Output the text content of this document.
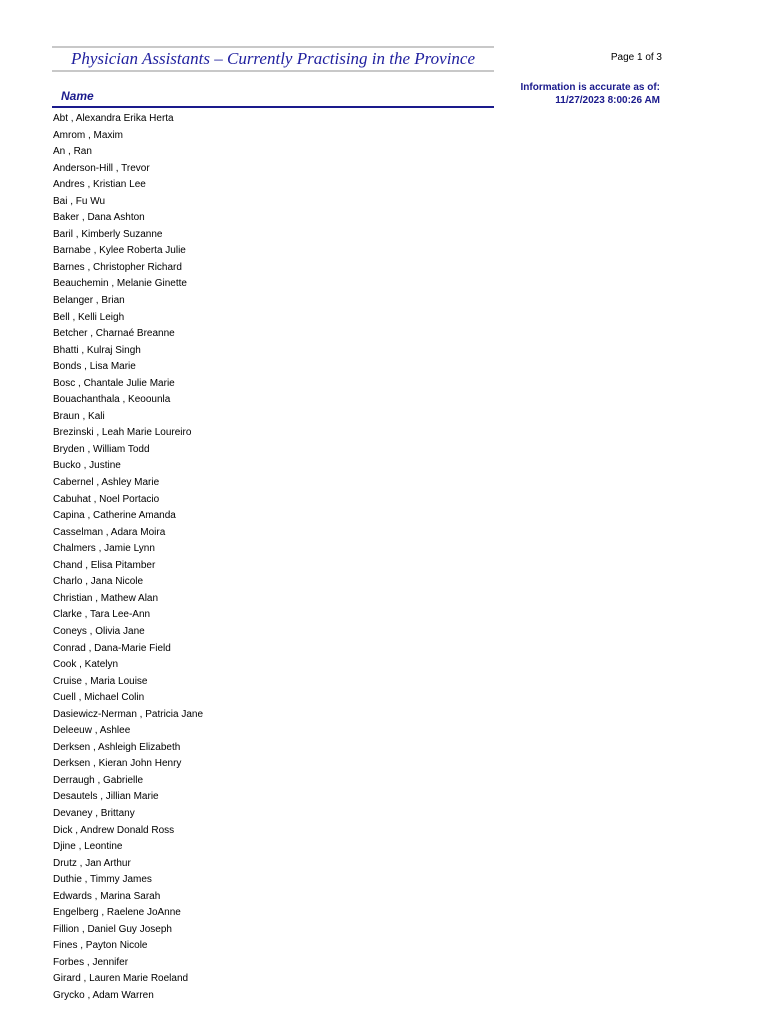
Physician Assistants – Currently Practising in the Province	Page 1 of 3
Information is accurate as of:
11/27/2023 8:00:26 AM
Name
Abt , Alexandra Erika Herta
Amrom , Maxim
An , Ran
Anderson-Hill , Trevor
Andres , Kristian Lee
Bai , Fu Wu
Baker , Dana Ashton
Baril , Kimberly Suzanne
Barnabe , Kylee Roberta Julie
Barnes , Christopher Richard
Beauchemin , Melanie Ginette
Belanger , Brian
Bell , Kelli Leigh
Betcher , Charnaé Breanne
Bhatti , Kulraj Singh
Bonds , Lisa Marie
Bosc , Chantale Julie Marie
Bouachanthala , Keoounla
Braun , Kali
Brezinski , Leah Marie Loureiro
Bryden , William Todd
Bucko , Justine
Cabernel , Ashley Marie
Cabuhat , Noel Portacio
Capina , Catherine Amanda
Casselman , Adara Moira
Chalmers , Jamie Lynn
Chand , Elisa Pitamber
Charlo , Jana Nicole
Christian , Mathew Alan
Clarke , Tara Lee-Ann
Coneys , Olivia Jane
Conrad , Dana-Marie Field
Cook , Katelyn
Cruise , Maria Louise
Cuell , Michael Colin
Dasiewicz-Nerman , Patricia Jane
Deleeuw , Ashlee
Derksen , Ashleigh Elizabeth
Derksen , Kieran John Henry
Derraugh , Gabrielle
Desautels , Jillian Marie
Devaney , Brittany
Dick , Andrew Donald Ross
Djine , Leontine
Drutz , Jan Arthur
Duthie , Timmy James
Edwards , Marina Sarah
Engelberg , Raelene JoAnne
Fillion , Daniel Guy Joseph
Fines , Payton Nicole
Forbes , Jennifer
Girard , Lauren Marie Roeland
Grycko , Adam Warren
